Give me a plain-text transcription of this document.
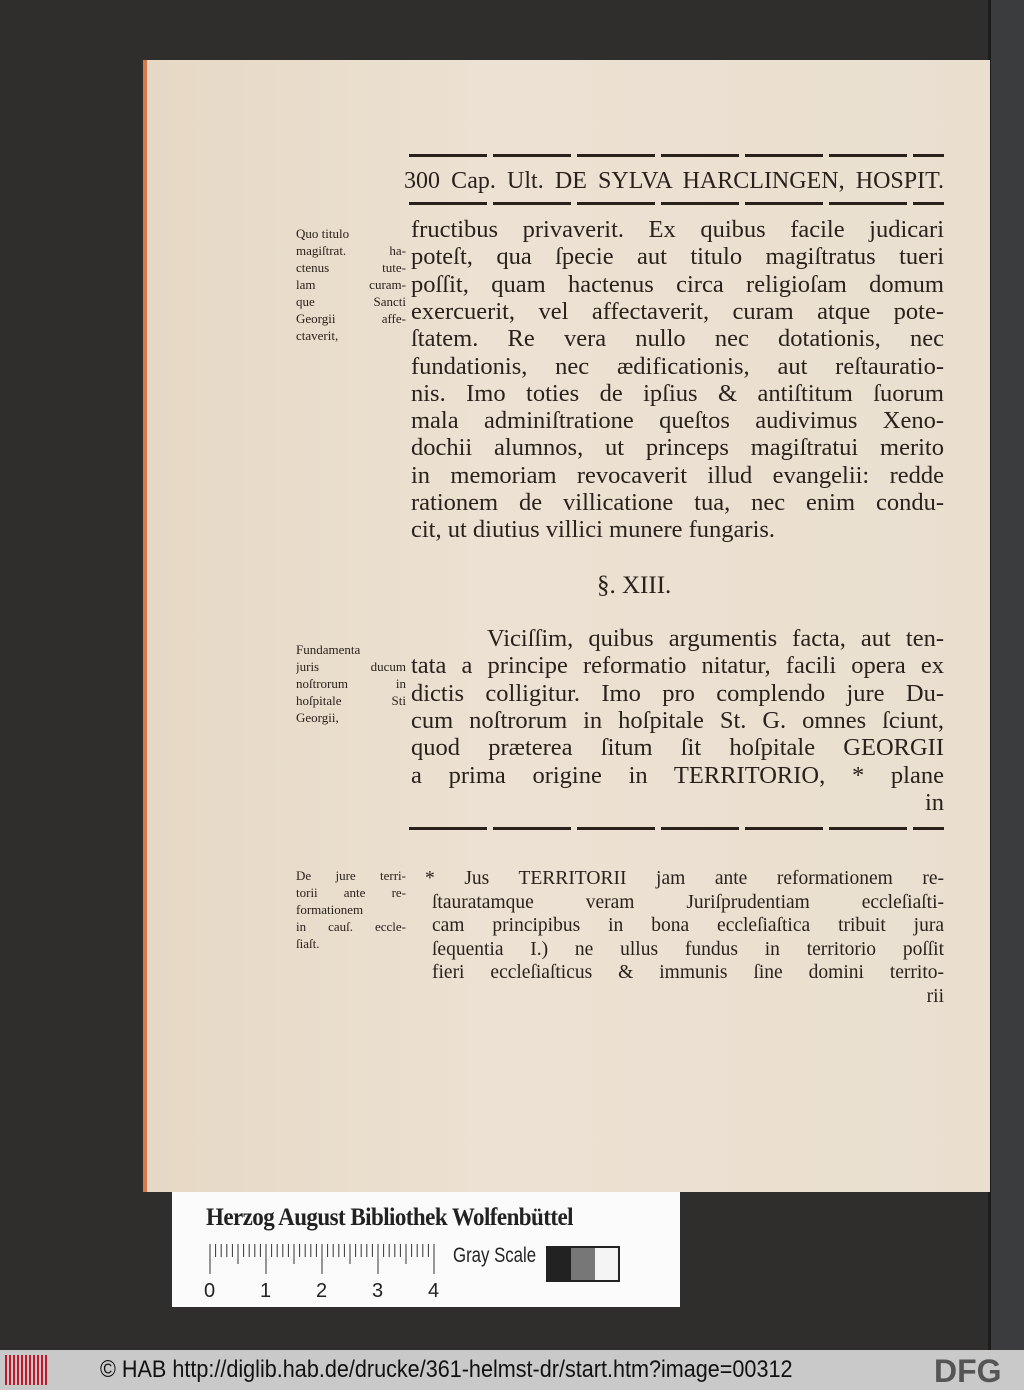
300 Cap. Ult. DE SYLVA HARCLINGEN, HOSPIT.
fructibus privaverit. Ex quibus facile judicari
poteſt, qua ſpecie aut titulo magiſtratus tueri
poſſit, quam hactenus circa religioſam domum
exercuerit, vel affectaverit, curam atque pote-
ſtatem. Re vera nullo nec dotationis, nec
fundationis, nec ædificationis, aut reſtauratio-
nis. Imo toties de ipſius & antiſtitum ſuorum
mala adminiſtratione queſtos audivimus Xeno-
dochii alumnos, ut princeps magiſtratui merito
in memoriam revocaverit illud evangelii: redde
rationem de villicatione tua, nec enim condu-
cit, ut diutius villici munere fungaris.
Quo titulo
magiſtrat. ha-
ctenus tute-
lam curam-
que Sancti
Georgii affe-
ctaverit,
§. XIII.
Viciſſim, quibus argumentis facta, aut ten-
tata a principe reformatio nitatur, facili opera ex
dictis colligitur. Imo pro complendo jure Du-
cum noſtrorum in hoſpitale St. G. omnes ſciunt,
quod præterea ſitum ſit hoſpitale GEORGII
a prima origine in TERRITORIO, * plane
in
Fundamenta
juris ducum
noſtrorum in
hoſpitale Sti
Georgii,
* Jus TERRITORII jam ante reformationem re-
ſtauratamque veram Juriſprudentiam eccleſiaſti-
cam principibus in bona eccleſiaſtica tribuit jura
ſequentia I.) ne ullus fundus in territorio poſſit
fieri eccleſiaſticus & immunis ſine domini territo-
rii
De jure terri-
torii ante re-
formationem
in cauſ. eccle-
ſiaſt.
Herzog August Bibliothek Wolfenbüttel
0 1 2 3 4
Gray Scale
© HAB http://diglib.hab.de/drucke/361-helmst-dr/start.htm?image=00312	DFG
